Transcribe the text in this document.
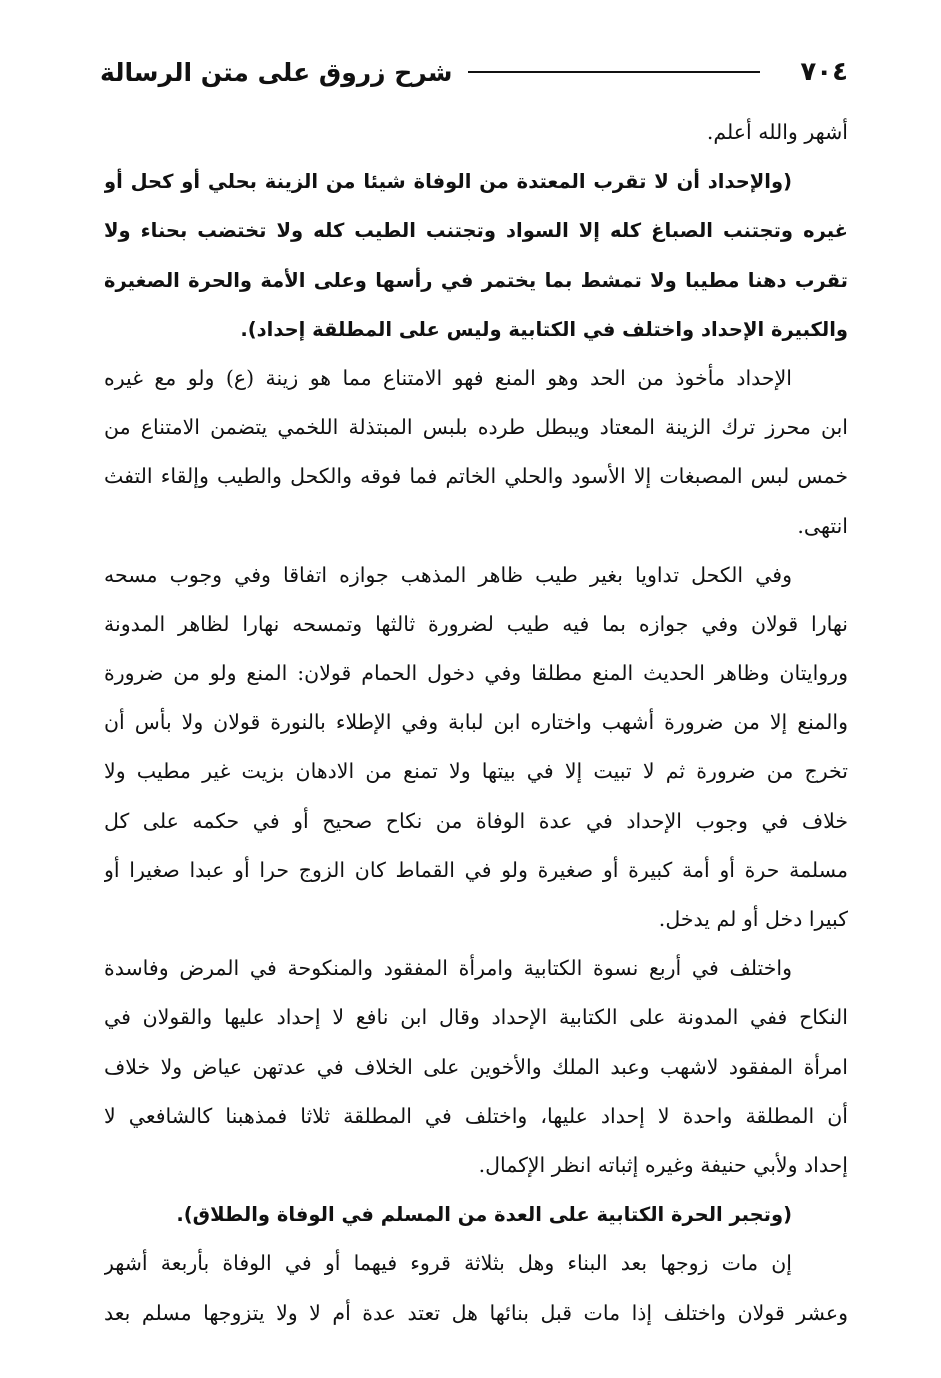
٧٠٤
شرح زروق على متن الرسالة
أشهر والله أعلم.
(والإحداد أن لا تقرب المعتدة من الوفاة شيئا من الزينة بحلي أو كحل أو
غيره وتجتنب الصباغ كله إلا السواد وتجتنب الطيب كله ولا تختضب بحناء ولا
تقرب دهنا مطيبا ولا تمشط بما يختمر في رأسها وعلى الأمة والحرة الصغيرة
والكبيرة الإحداد واختلف في الكتابية وليس على المطلقة إحداد).
الإحداد مأخوذ من الحد وهو المنع فهو الامتناع مما هو زينة (ع) ولو مع غيره
ابن محرز ترك الزينة المعتاد ويبطل طرده بلبس المبتذلة اللخمي يتضمن الامتناع من
خمس لبس المصبغات إلا الأسود والحلي الخاتم فما فوقه والكحل والطيب وإلقاء التفث
انتهى.
وفي الكحل تداويا بغير طيب ظاهر المذهب جوازه اتفاقا وفي وجوب مسحه
نهارا قولان وفي جوازه بما فيه طيب لضرورة ثالثها وتمسحه نهارا لظاهر المدونة
وروايتان وظاهر الحديث المنع مطلقا وفي دخول الحمام قولان: المنع ولو من ضرورة
والمنع إلا من ضرورة أشهب واختاره ابن لبابة وفي الإطلاء بالنورة قولان ولا بأس أن
تخرج من ضرورة ثم لا تبيت إلا في بيتها ولا تمنع من الادهان بزيت غير مطيب ولا
خلاف في وجوب الإحداد في عدة الوفاة من نكاح صحيح أو في حكمه على كل
مسلمة حرة أو أمة كبيرة أو صغيرة ولو في القماط كان الزوج حرا أو عبدا صغيرا أو
كبيرا دخل أو لم يدخل.
واختلف في أربع نسوة الكتابية وامرأة المفقود والمنكوحة في المرض وفاسدة
النكاح ففي المدونة على الكتابية الإحداد وقال ابن نافع لا إحداد عليها والقولان في
امرأة المفقود لاشهب وعبد الملك والأخوين على الخلاف في عدتهن عياض ولا خلاف
أن المطلقة واحدة لا إحداد عليها، واختلف في المطلقة ثلاثا فمذهبنا كالشافعي لا
إحداد ولأبي حنيفة وغيره إثباته انظر الإكمال.
(وتجبر الحرة الكتابية على العدة من المسلم في الوفاة والطلاق).
إن مات زوجها بعد البناء وهل بثلاثة قروء فيهما أو في الوفاة بأربعة أشهر
وعشر قولان واختلف إذا مات قبل بنائها هل تعتد عدة أم لا ولا يتزوجها مسلم بعد
